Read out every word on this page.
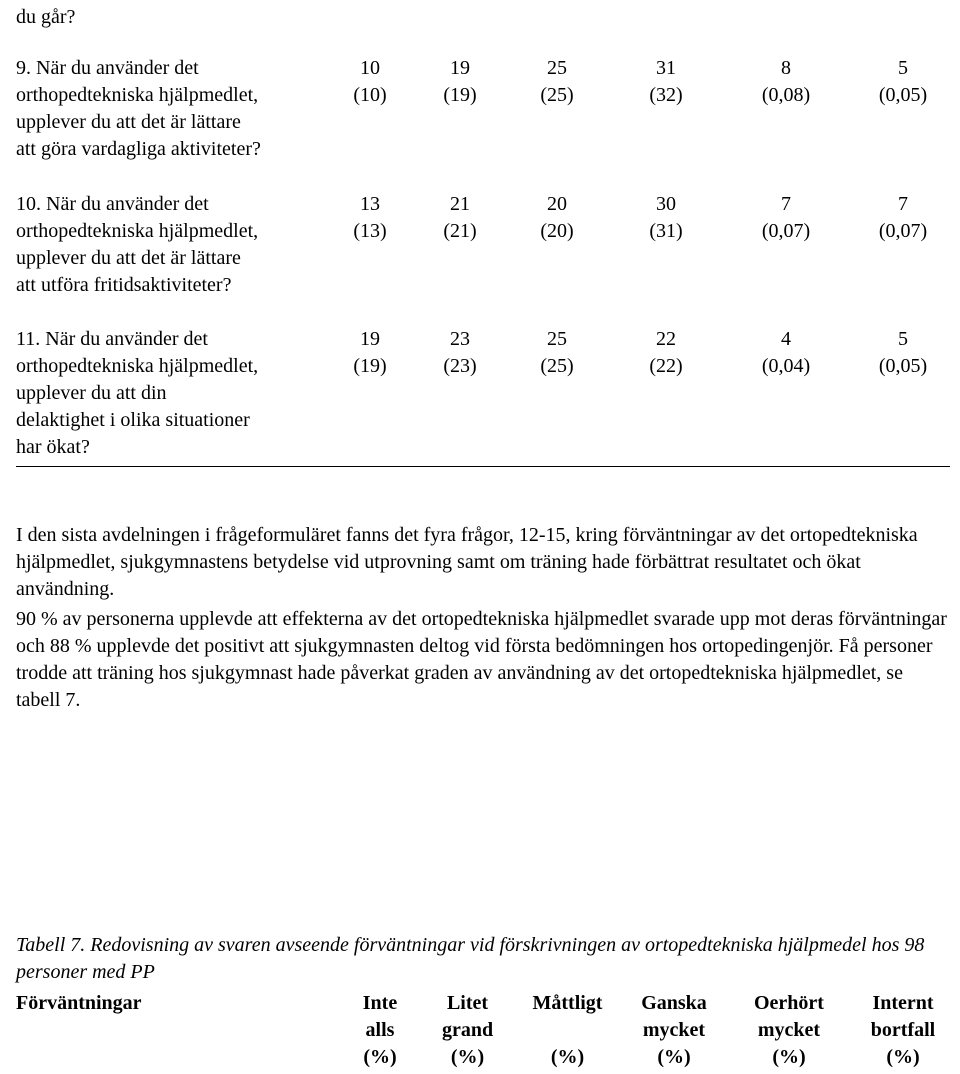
du går?
9. När du använder det
orthopedtekniska hjälpmedlet,
upplever du att det är lättare
att göra vardagliga aktiviteter?
10
(10)
19
(19)
25
(25)
31
(32)
8
(0,08)
5
(0,05)
10. När du använder det
orthopedtekniska hjälpmedlet,
upplever du att det är lättare
att utföra fritidsaktiviteter?
13
(13)
21
(21)
20
(20)
30
(31)
7
(0,07)
7
(0,07)
11. När du använder det
orthopedtekniska hjälpmedlet,
upplever du att din
delaktighet i olika situationer
har ökat?
19
(19)
23
(23)
25
(25)
22
(22)
4
(0,04)
5
(0,05)
I den sista avdelningen i frågeformuläret fanns det fyra frågor, 12-15, kring förväntningar av det ortopedtekniska hjälpmedlet, sjukgymnastens betydelse vid utprovning samt om träning hade förbättrat resultatet och ökat användning.
90 % av personerna upplevde att effekterna av det ortopedtekniska hjälpmedlet svarade upp mot deras förväntningar och 88 % upplevde det positivt att sjukgymnasten deltog vid första bedömningen hos ortopedingenjör. Få personer trodde att träning hos sjukgymnast hade påverkat graden av användning av det ortopedtekniska hjälpmedlet, se tabell 7.
Tabell 7. Redovisning av svaren avseende förväntningar vid förskrivningen av ortopedtekniska hjälpmedel hos 98 personer med PP
Förväntningar	Inte
alls
(%)
Litet
grand
(%)
Måttligt

(%)
Ganska
mycket
(%)
Oerhört
mycket
(%)
Internt
bortfall
(%)
